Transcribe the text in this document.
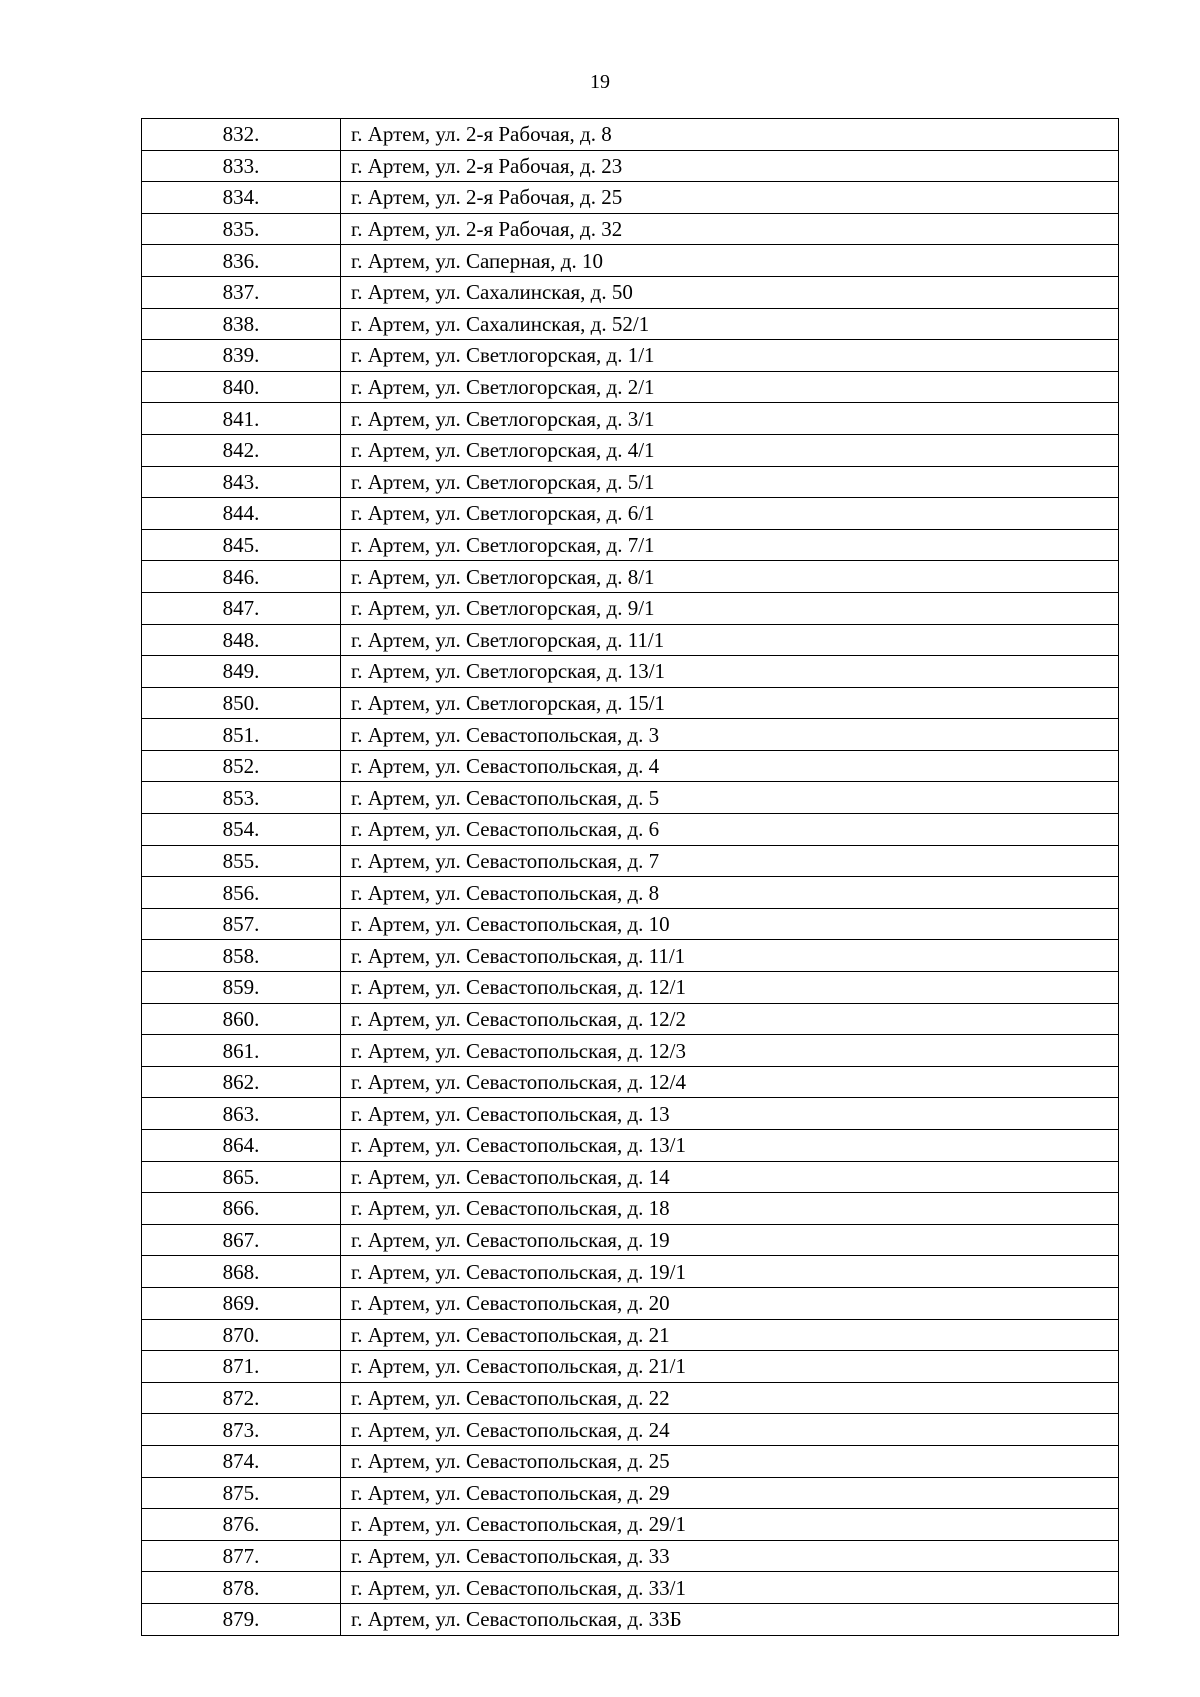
19
832.	г. Артем, ул. 2-я Рабочая, д. 8
833.	г. Артем, ул. 2-я Рабочая, д. 23
834.	г. Артем, ул. 2-я Рабочая, д. 25
835.	г. Артем, ул. 2-я Рабочая, д. 32
836.	г. Артем, ул. Саперная, д. 10
837.	г. Артем, ул. Сахалинская, д. 50
838.	г. Артем, ул. Сахалинская, д. 52/1
839.	г. Артем, ул. Светлогорская, д. 1/1
840.	г. Артем, ул. Светлогорская, д. 2/1
841.	г. Артем, ул. Светлогорская, д. 3/1
842.	г. Артем, ул. Светлогорская, д. 4/1
843.	г. Артем, ул. Светлогорская, д. 5/1
844.	г. Артем, ул. Светлогорская, д. 6/1
845.	г. Артем, ул. Светлогорская, д. 7/1
846.	г. Артем, ул. Светлогорская, д. 8/1
847.	г. Артем, ул. Светлогорская, д. 9/1
848.	г. Артем, ул. Светлогорская, д. 11/1
849.	г. Артем, ул. Светлогорская, д. 13/1
850.	г. Артем, ул. Светлогорская, д. 15/1
851.	г. Артем, ул. Севастопольская, д. 3
852.	г. Артем, ул. Севастопольская, д. 4
853.	г. Артем, ул. Севастопольская, д. 5
854.	г. Артем, ул. Севастопольская, д. 6
855.	г. Артем, ул. Севастопольская, д. 7
856.	г. Артем, ул. Севастопольская, д. 8
857.	г. Артем, ул. Севастопольская, д. 10
858.	г. Артем, ул. Севастопольская, д. 11/1
859.	г. Артем, ул. Севастопольская, д. 12/1
860.	г. Артем, ул. Севастопольская, д. 12/2
861.	г. Артем, ул. Севастопольская, д. 12/3
862.	г. Артем, ул. Севастопольская, д. 12/4
863.	г. Артем, ул. Севастопольская, д. 13
864.	г. Артем, ул. Севастопольская, д. 13/1
865.	г. Артем, ул. Севастопольская, д. 14
866.	г. Артем, ул. Севастопольская, д. 18
867.	г. Артем, ул. Севастопольская, д. 19
868.	г. Артем, ул. Севастопольская, д. 19/1
869.	г. Артем, ул. Севастопольская, д. 20
870.	г. Артем, ул. Севастопольская, д. 21
871.	г. Артем, ул. Севастопольская, д. 21/1
872.	г. Артем, ул. Севастопольская, д. 22
873.	г. Артем, ул. Севастопольская, д. 24
874.	г. Артем, ул. Севастопольская, д. 25
875.	г. Артем, ул. Севастопольская, д. 29
876.	г. Артем, ул. Севастопольская, д. 29/1
877.	г. Артем, ул. Севастопольская, д. 33
878.	г. Артем, ул. Севастопольская, д. 33/1
879.	г. Артем, ул. Севастопольская, д. 33Б
